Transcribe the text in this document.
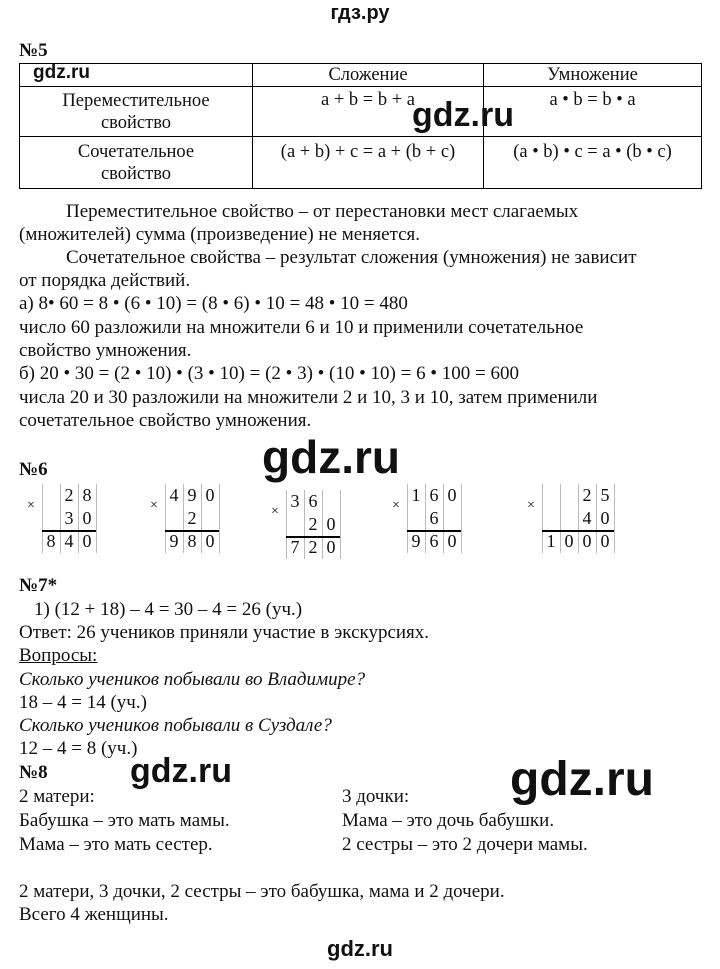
гдз.ру
№5
	Сложение	Умножение

Переместительное
свойство	a + b = b + a	a • b = b • a

Сочетательное
свойство	(a + b) + c = a + (b + c)	(a • b) • c = a • (b • c)
Переместительное свойство – от перестановки мест слагаемых
(множителей) сумма (произведение) не меняется.
Сочетательное свойства – результат сложения (умножения) не зависит
от порядка действий.
а) 8• 60 = 8 • (6 • 10) = (8 • 6) • 10 = 48 • 10 = 480
число 60 разложили на множители 6 и 10 и применили сочетательное
свойство умножения.
б) 20 • 30 = (2 • 10) • (3 • 10) = (2 • 3) • (10 • 10) = 6 • 100 = 600
числа 20 и 30 разложили на множители 2 и 10, 3 и 10, затем применили
сочетательное свойство умножения.
№6
×
2 8
3 0
8 4 0
×
4 9 0
2
9 8 0
×
3 6
2 0
7 2 0
×
1 6 0
6
9 6 0
×
2 5
4 0
1 0 0 0
№7*
1) (12 + 18) – 4 = 30 – 4 = 26 (уч.)
Ответ: 26 учеников приняли участие в экскурсиях.
Вопросы:
Сколько учеников побывали во Владимире?
18 – 4 = 14 (уч.)
Сколько учеников побывали в Суздале?
12 – 4 = 8 (уч.)
№8
2 матери:
Бабушка – это мать мамы.
Мама – это мать сестер.
3 дочки:
Мама – это дочь бабушки.
2 сестры – это 2 дочери мамы.
2 матери, 3 дочки, 2 сестры – это бабушка, мама и 2 дочери.
Всего 4 женщины.
gdz.ru
gdz.ru
gdz.ru
gdz.ru	gdz.ru
gdz.ru
